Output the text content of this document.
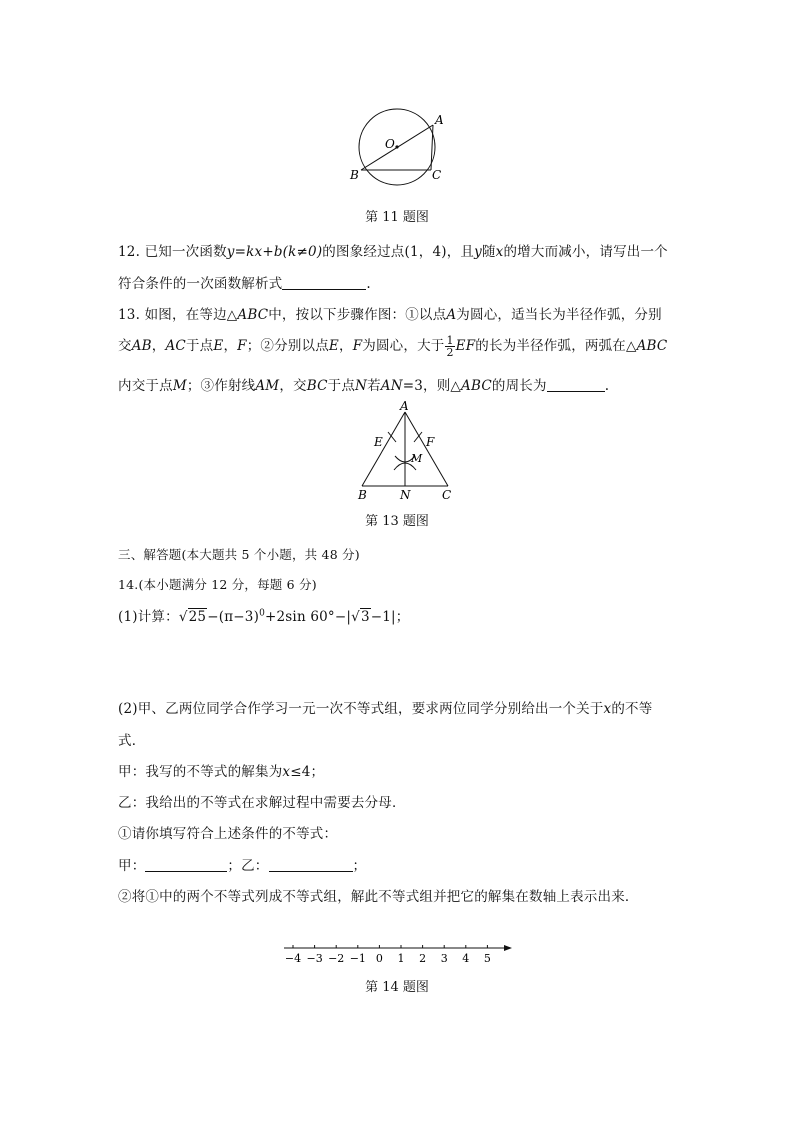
O
A
B	C
第 11 题图
12. 已知一次函数y=kx+b(k≠0)的图象经过点(1，4)，且y随x的增大而减小，请写出一个
符合条件的一次函数解析式	.
13. 如图，在等边△ABC中，按以下步骤作图：①以点A为圆心，适当长为半径作弧，分别
交AB，AC于点E，F；②分别以点E，F为圆心，大于 $\frac{1}{2}$ EF的长为半径作弧，两弧在△ABC
内交于点M；③作射线AM，交BC于点N若AN=3，则△ABC的周长为	.
A
E	F
M
B	N	C
第 13 题图
三、解答题(本大题共 5 个小题，共 48 分)
14.(本小题满分 12 分，每题 6 分)
(1)计算：$√25-(\pi-3)^0+2\sin$ 60°−|√3−1|；
(2)甲、乙两位同学合作学习一元一次不等式组，要求两位同学分别给出一个关于x的不等
式．
甲：我写的不等式的解集为x≤4；
乙：我给出的不等式在求解过程中需要去分母．
①请你填写符合上述条件的不等式：
甲：	；乙：	；
②将①中的两个不等式列成不等式组，解此不等式组并把它的解集在数轴上表示出来．
−4 −3 −2 −1 0 1 2 3 4 5
第 14 题图
